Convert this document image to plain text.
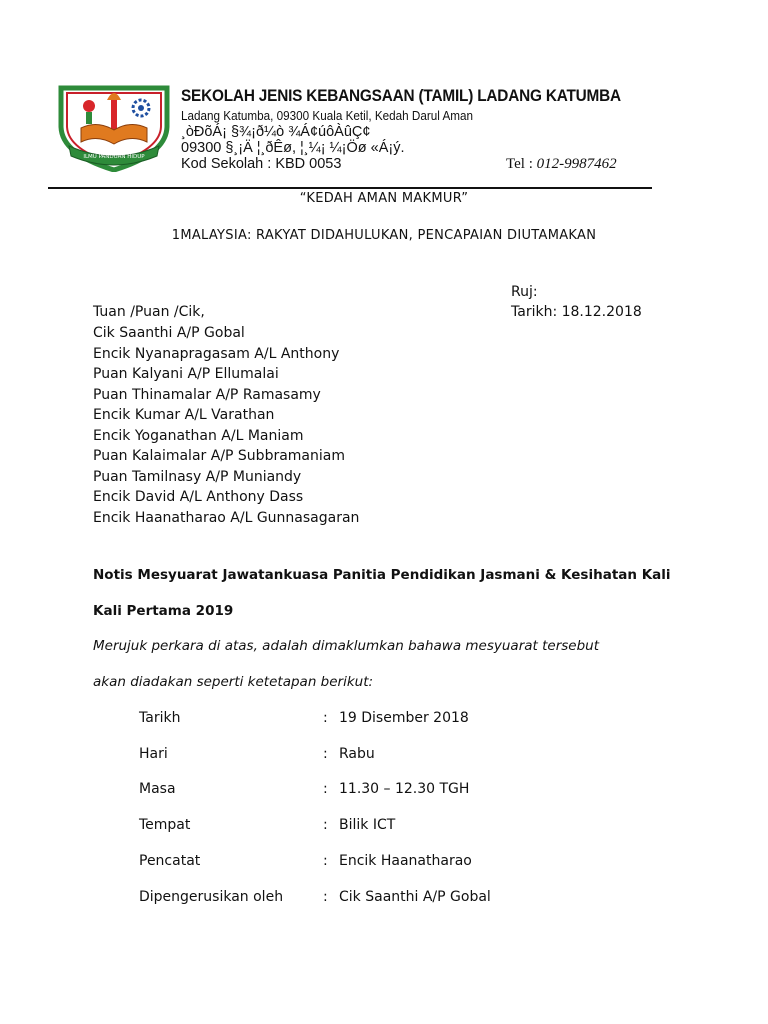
ILMU PANDUAN HIDUP
SEKOLAH JENIS KEBANGSAAN (TAMIL) LADANG KATUMBA
Ladang Katumba, 09300 Kuala Ketil, Kedah Darul Aman
¸òÐõÁ¡ §¾¡ð¼ò ¾Á¢úôÀûÇ¢
09300 §¸¡Ä ¦¸ðÊø, ¦¸¼¡ ¼¡Öø «Á¡ý.
Kod Sekolah : KBD 0053	Tel : 012-9987462
“KEDAH AMAN MAKMUR”
1MALAYSIA: RAKYAT DIDAHULUKAN, PENCAPAIAN DIUTAMAKAN
Ruj:
Tarikh: 18.12.2018
Tuan /Puan /Cik,
Cik Saanthi A/P Gobal
Encik Nyanapragasam A/L Anthony
Puan Kalyani A/P Ellumalai
Puan Thinamalar A/P Ramasamy
Encik Kumar A/L Varathan
Encik Yoganathan A/L Maniam
Puan Kalaimalar A/P Subbramaniam
Puan Tamilnasy A/P Muniandy
Encik David A/L Anthony Dass
Encik Haanatharao A/L Gunnasagaran
Notis Mesyuarat Jawatankuasa Panitia Pendidikan Jasmani & Kesihatan Kali
Kali Pertama 2019
Merujuk perkara di atas, adalah dimaklumkan bahawa mesyuarat tersebut
akan diadakan seperti ketetapan berikut:
Tarikh	: 19 Disember 2018
Hari	: Rabu
Masa	: 11.30 – 12.30 TGH
Tempat	: Bilik ICT
Pencatat	: Encik Haanatharao
Dipengerusikan oleh	: Cik Saanthi A/P Gobal
